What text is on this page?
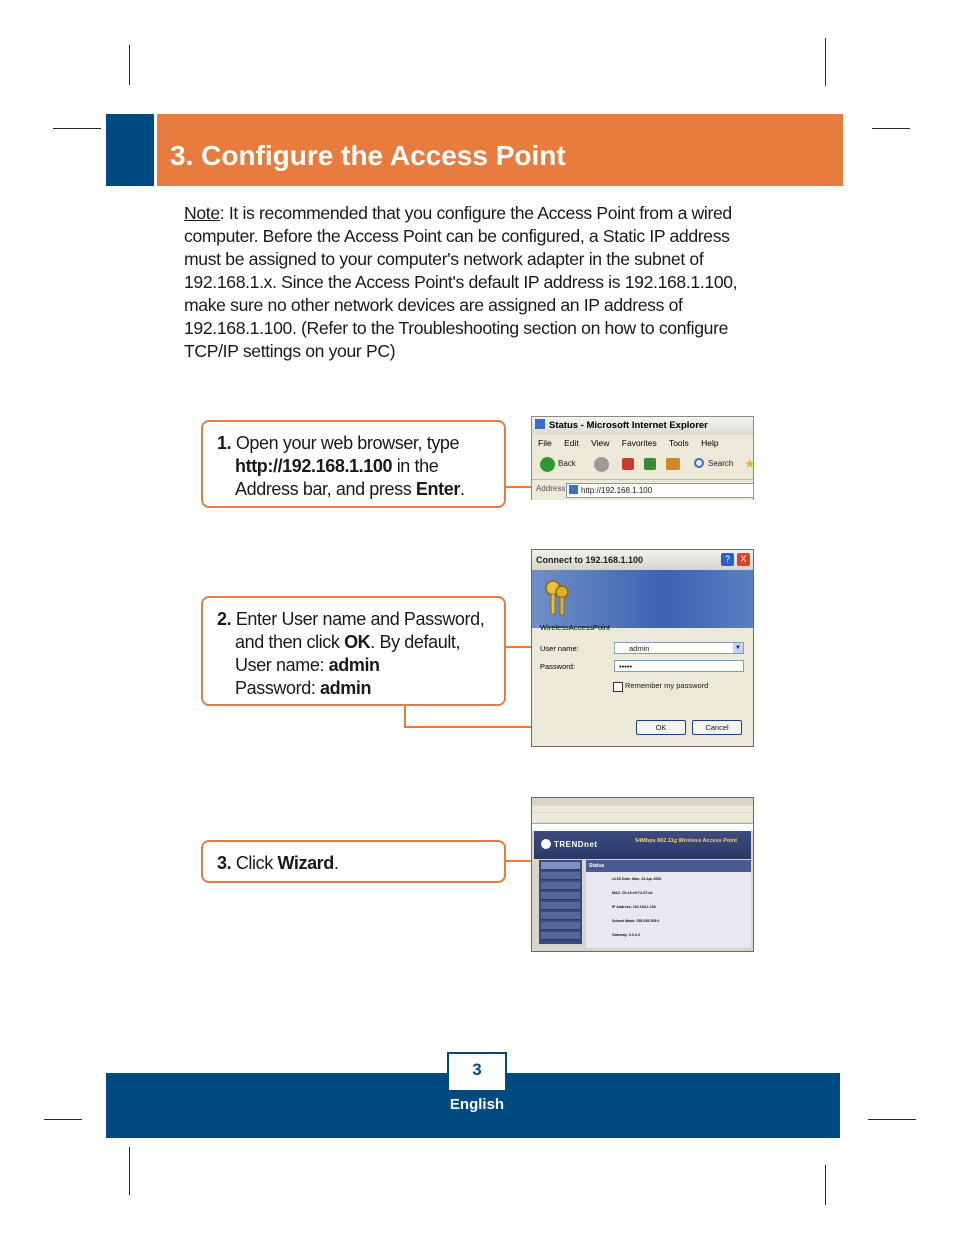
3. Configure the Access Point

Note: It is recommended that you configure the Access Point from a wired

computer. Before the Access Point can be configured, a Static IP address

must be assigned to your computer's network adapter in the subnet of

192.168.1.x. Since the Access Point's default IP address is 192.168.1.100,

make sure no other network devices are assigned an IP address of

192.168.1.100. (Refer to the Troubleshooting section on how to configure

TCP/IP settings on your PC)

1. Open your web browser, type
http://192.168.1.100 in the
Address bar, and press Enter.
Status - Microsoft Internet Explorer
File Edit View Favorites Tools Help
Back	Search ★
Address	http://192.168.1.100
2. Enter User name and Password,
and then click OK. By default,
User name: admin
Password: admin
Connect to 192.168.1.100	?	X
WirelessAccessPoint
User name:	admin	▼
Password:	•••••
Remember my password
OK	Cancel
3. Click Wizard.
TRENDnet	54Mbps 802.11g Wireless Access Point
Status
v1.00 Date: Mon, 24 Apr 2006
MAC: 00:15:e9:72:37:b4
IP Address: 192.168.1.100
Subnet Mask: 255.255.255.0
Gateway: 0.0.0.0
3
English
